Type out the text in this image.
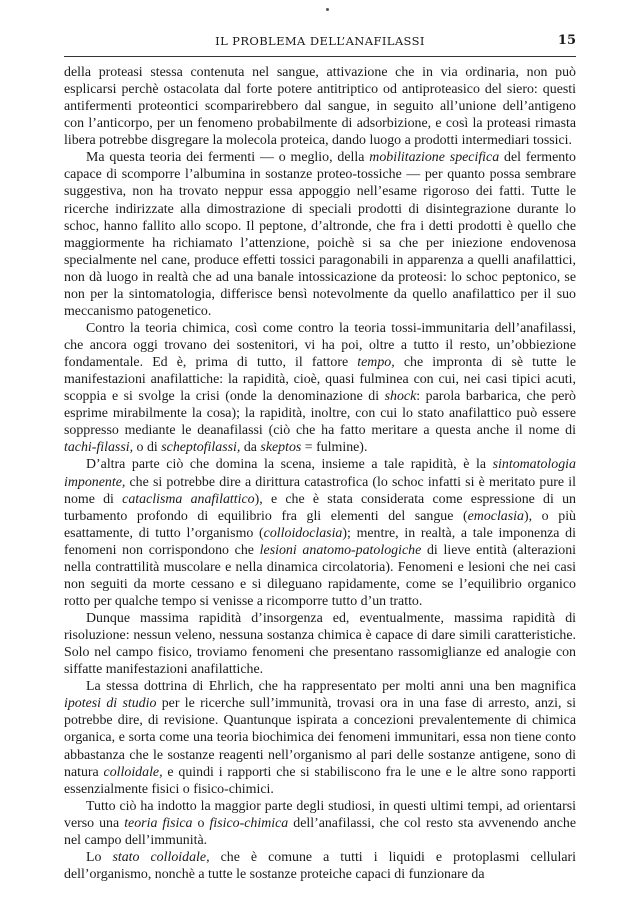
IL PROBLEMA DELL’ANAFILASSI	15

della proteasi stessa contenuta nel sangue, attivazione che in via ordinaria, non può esplicarsi perchè ostacolata dal forte potere antitriptico od antiproteasico del siero: questi antifermenti proteontici scomparirebbero dal sangue, in seguito all’unione dell’antigeno con l’anticorpo, per un fenomeno probabilmente di adsorbizione, e così la proteasi rimasta libera potrebbe disgregare la molecola proteica, dando luogo a prodotti intermediari tossici.

Ma questa teoria dei fermenti — o meglio, della mobilitazione specifica del fermento capace di scomporre l’albumina in sostanze proteo-tossiche — per quanto possa sembrare suggestiva, non ha trovato neppur essa appoggio nell’esame rigoroso dei fatti. Tutte le ricerche indirizzate alla dimostrazione di speciali prodotti di disintegrazione durante lo schoc, hanno fallito allo scopo. Il peptone, d’altronde, che fra i detti prodotti è quello che maggiormente ha richiamato l’attenzione, poichè si sa che per iniezione endovenosa specialmente nel cane, produce effetti tossici paragonabili in apparenza a quelli anafilattici, non dà luogo in realtà che ad una banale intossicazione da proteosi: lo schoc peptonico, se non per la sintomatologia, differisce bensì notevolmente da quello anafilattico per il suo meccanismo patogenetico.

Contro la teoria chimica, così come contro la teoria tossi-immunitaria dell’anafilassi, che ancora oggi trovano dei sostenitori, vi ha poi, oltre a tutto il resto, un’obbiezione fondamentale. Ed è, prima di tutto, il fattore tempo, che impronta di sè tutte le manifestazioni anafilattiche: la rapidità, cioè, quasi fulminea con cui, nei casi tipici acuti, scoppia e si svolge la crisi (onde la denominazione di shock: parola barbarica, che però esprime mirabilmente la cosa); la rapidità, inoltre, con cui lo stato anafilattico può essere soppresso mediante le deanafilassi (ciò che ha fatto meritare a questa anche il nome di tachi-filassi, o di scheptofilassi, da skeptos = fulmine).

D’altra parte ciò che domina la scena, insieme a tale rapidità, è la sintomatologia imponente, che si potrebbe dire a dirittura catastrofica (lo schoc infatti si è meritato pure il nome di cataclisma anafilattico), e che è stata considerata come espressione di un turbamento profondo di equilibrio fra gli elementi del sangue (emoclasia), o più esattamente, di tutto l’organismo (colloidoclasia); mentre, in realtà, a tale imponenza di fenomeni non corrispondono che lesioni anatomo-patologiche di lieve entità (alterazioni nella contrattilità muscolare e nella dinamica circolatoria). Fenomeni e lesioni che nei casi non seguiti da morte cessano e si dileguano rapidamente, come se l’equilibrio organico rotto per qualche tempo si venisse a ricomporre tutto d’un tratto.

Dunque massima rapidità d’insorgenza ed, eventualmente, massima rapidità di risoluzione: nessun veleno, nessuna sostanza chimica è capace di dare simili caratteristiche. Solo nel campo fisico, troviamo fenomeni che presentano rassomiglianze ed analogie con siffatte manifestazioni anafilattiche.

La stessa dottrina di Ehrlich, che ha rappresentato per molti anni una ben magnifica ipotesi di studio per le ricerche sull’immunità, trovasi ora in una fase di arresto, anzi, si potrebbe dire, di revisione. Quantunque ispirata a concezioni prevalentemente di chimica organica, e sorta come una teoria biochimica dei fenomeni immunitari, essa non tiene conto abbastanza che le sostanze reagenti nell’organismo al pari delle sostanze antigene, sono di natura colloidale, e quindi i rapporti che si stabiliscono fra le une e le altre sono rapporti essenzialmente fisici o fisico-chimici.

Tutto ciò ha indotto la maggior parte degli studiosi, in questi ultimi tempi, ad orientarsi verso una teoria fisica o fisico-chimica dell’anafilassi, che col resto sta avvenendo anche nel campo dell’immunità.

Lo stato colloidale, che è comune a tutti i liquidi e protoplasmi cellulari dell’organismo, nonchè a tutte le sostanze proteiche capaci di funzionare da
